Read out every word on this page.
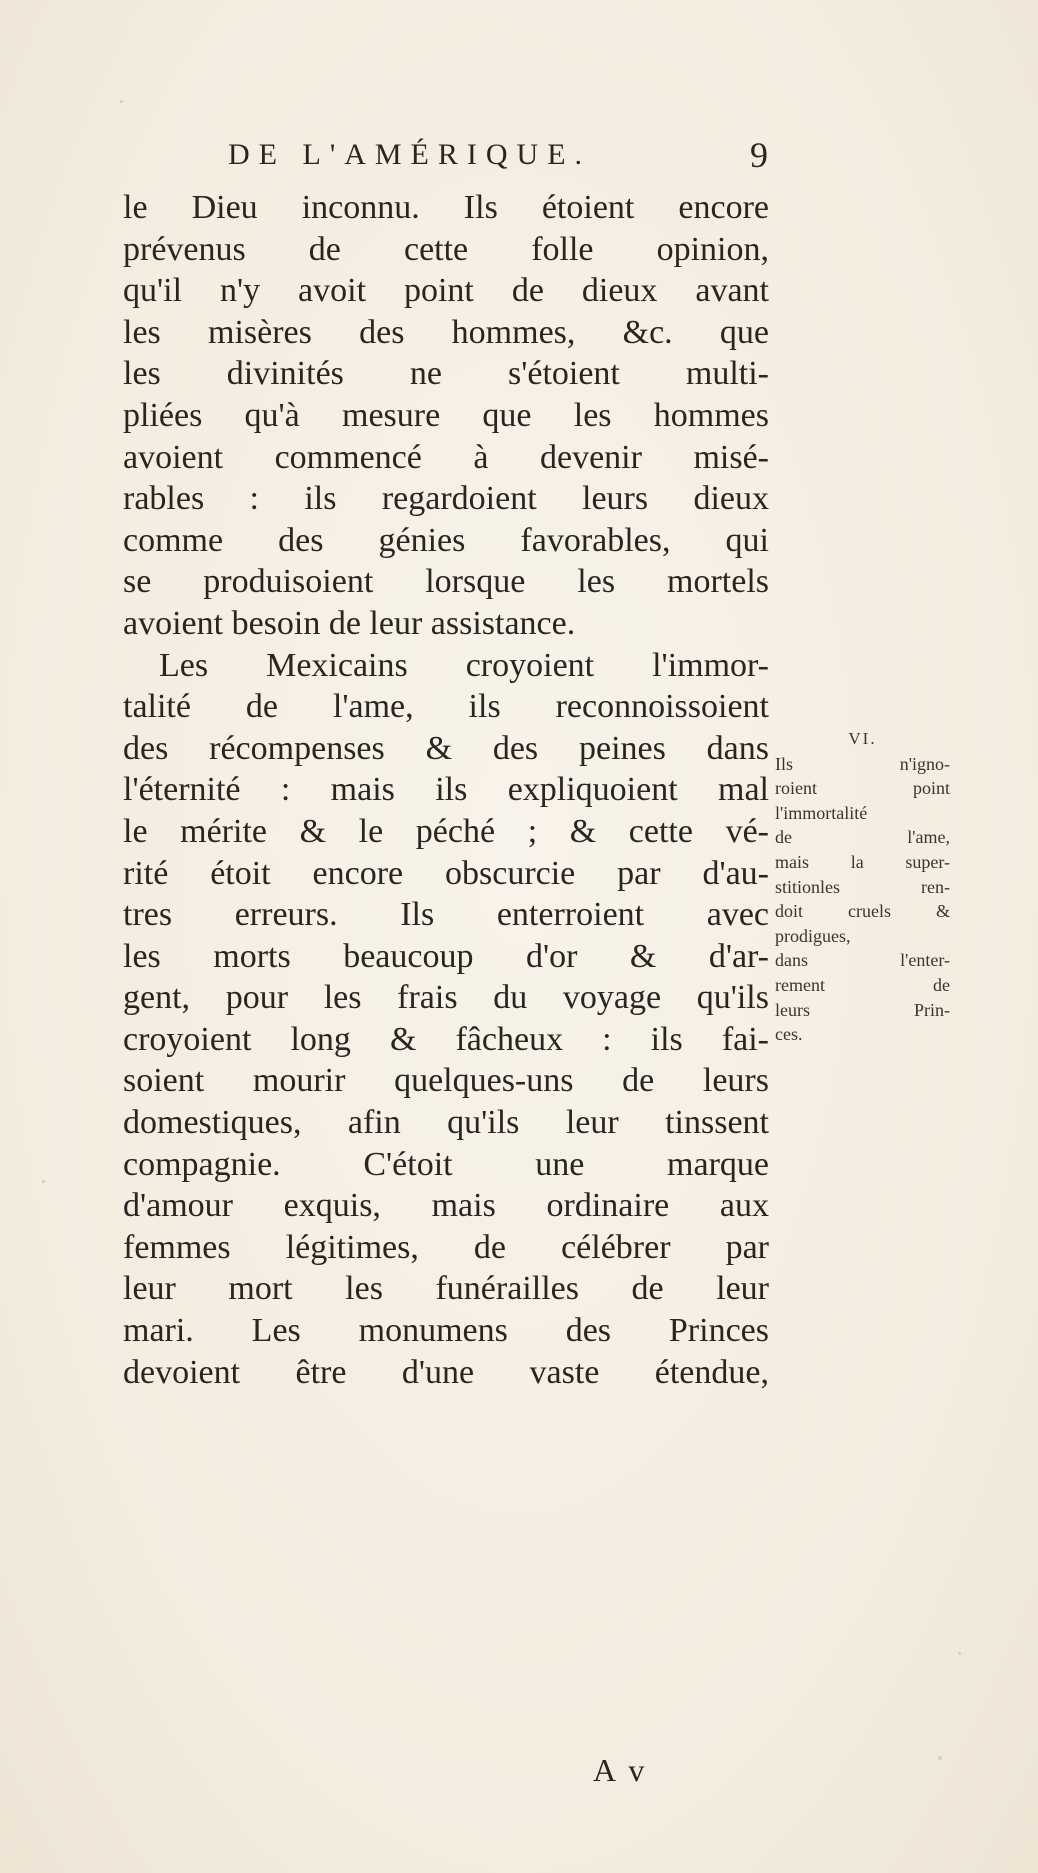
DE L'AMÉRIQUE.	9
le Dieu inconnu. Ils étoient encore
prévenus de cette folle opinion,
qu'il n'y avoit point de dieux avant
les misères des hommes, &c. que
les divinités ne s'étoient multi-
pliées qu'à mesure que les hommes
avoient commencé à devenir misé-
rables : ils regardoient leurs dieux
comme des génies favorables, qui
se produisoient lorsque les mortels
avoient besoin de leur assistance.
Les Mexicains croyoient l'immor-
talité de l'ame, ils reconnoissoient
des récompenses & des peines dans
l'éternité : mais ils expliquoient mal
le mérite & le péché ; & cette vé-
rité étoit encore obscurcie par d'au-
tres erreurs. Ils enterroient avec
les morts beaucoup d'or & d'ar-
gent, pour les frais du voyage qu'ils
croyoient long & fâcheux : ils fai-
soient mourir quelques-uns de leurs
domestiques, afin qu'ils leur tinssent
compagnie. C'étoit une marque
d'amour exquis, mais ordinaire aux
femmes légitimes, de célébrer par
leur mort les funérailles de leur
mari. Les monumens des Princes
devoient être d'une vaste étendue,
VI.
Ils n'igno-
roient point
l'immortalité
de l'ame,
mais la super-
stitionles ren-
doit cruels &
prodigues,
dans l'enter-
rement de
leurs Prin-
ces.
A v
